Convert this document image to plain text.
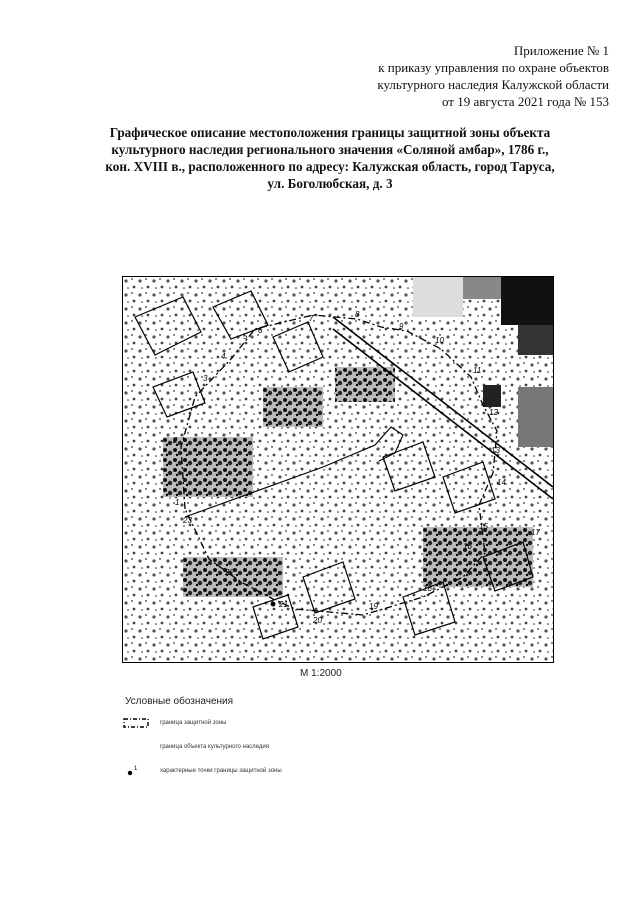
Приложение № 1
к приказу управления по охране объектов
культурного наследия Калужской области
от 19 августа 2021 года № 153
Графическое описание местоположения границы защитной зоны объекта
культурного наследия регионального значения «Соляной амбар», 1786 г.,
кон. XVIII в., расположенного по адресу: Калужская область, город Таруса,
ул. Боголюбская, д. 3
1
2
3
4
5
6
7	8
9
10
11
12
13
14
15
16
17
18
19
20
21
22
23
М 1:2000
Условные обозначения
граница защитной зоны
граница объекта культурного наследия
1	характерные точки границы защитной зоны
